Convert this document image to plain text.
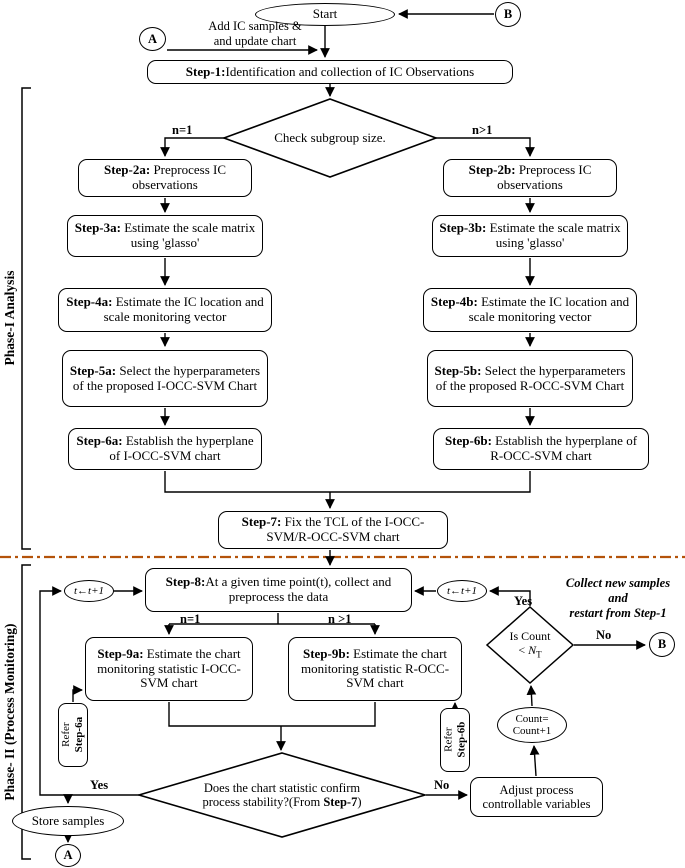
Phase-I Analysis
Phase- II (Process Monitoring)
Start	B
A
Add IC samples &
and update chart
Step-1:Identification and collection of IC Observations
Check subgroup size.
n=1	n>1
Step-2a: Preprocess IC observations
Step-3a: Estimate the scale matrix using 'glasso'
Step-4a: Estimate the IC location and scale monitoring vector
Step-5a: Select the hyperparameters of the proposed I-OCC-SVM Chart
Step-6a: Establish the hyperplane of I-OCC-SVM chart
Step-2b: Preprocess IC observations
Step-3b: Estimate the scale matrix using 'glasso'
Step-4b: Estimate the IC location and scale monitoring vector
Step-5b: Select the hyperparameters of the proposed R-OCC-SVM Chart
Step-6b: Establish the hyperplane of R-OCC-SVM chart
Step-7: Fix the TCL of the I-OCC-SVM/R-OCC-SVM chart
t←t+1
Step-8:At a given time point(t), collect and preprocess the data	t←t+1
Yes
Collect new samples
and
restart from Step-1
n=1	n >1
Step-9a: Estimate the chart monitoring statistic I-OCC-SVM chart
Step-9b: Estimate the chart monitoring statistic R-OCC-SVM chart
Refer
Step-6a	Refer
Step-6b
Is Count
< $N_T$
No
B
Count=
Count+1
Adjust process controllable variables
Does the chart statistic confirm process stability?(From Step-7)
Yes	No
Store samples
A
